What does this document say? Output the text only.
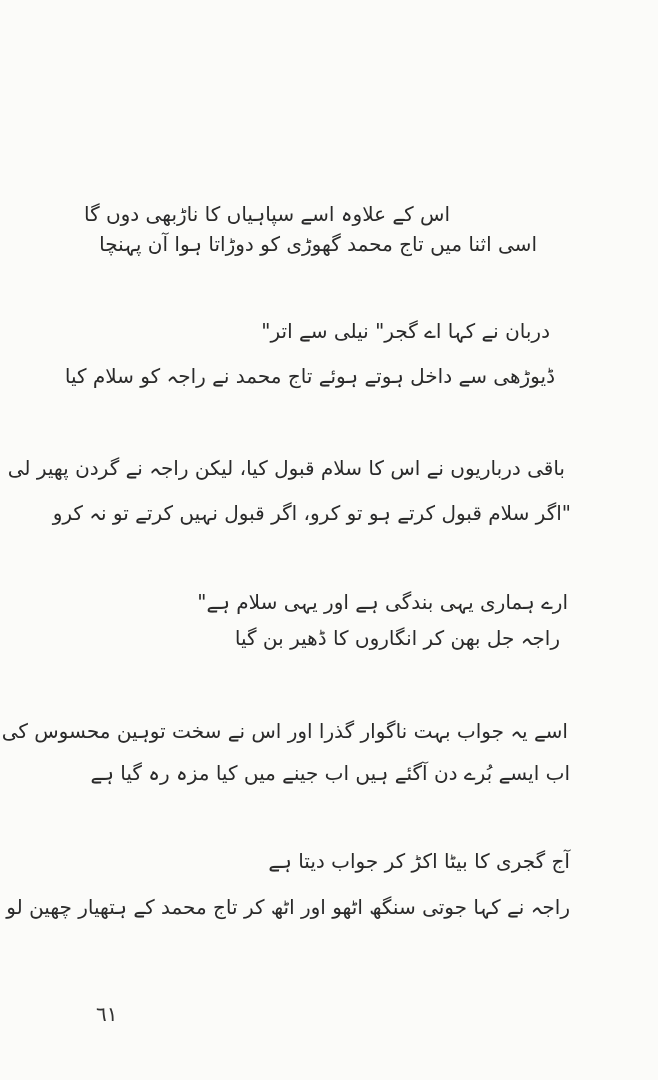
اس کے علاوہ اسے سپاہیاں کا ناڑبھی دوں گا
اسی اثنا میں تاج محمد گھوڑی کو دوڑاتا ہوا آن پہنچا
دربان نے کہا اے گجر" نیلی سے اتر"
ڈیوڑھی سے داخل ہوتے ہوئے تاج محمد نے راجہ کو سلام کیا
باقی درباریوں نے اس کا سلام قبول کیا، لیکن راجہ نے گردن پھیر لی
"اگر سلام قبول کرتے ہو تو کرو، اگر قبول نہیں کرتے تو نہ کرو
ارے ہماری یہی بندگی ہے اور یہی سلام ہے"
راجہ جل بھن کر انگاروں کا ڈھیر بن گیا
اسے یہ جواب بہت ناگوار گذرا اور اس نے سخت توہین محسوس کی
اب ایسے بُرے دن آگئے ہیں اب جینے میں کیا مزہ رہ گیا ہے
آج گجری کا بیٹا اکڑ کر جواب دیتا ہے
راجہ نے کہا جوتی سنگھ اٹھو اور اٹھ کر تاج محمد کے ہتھیار چھین لو
٦١
